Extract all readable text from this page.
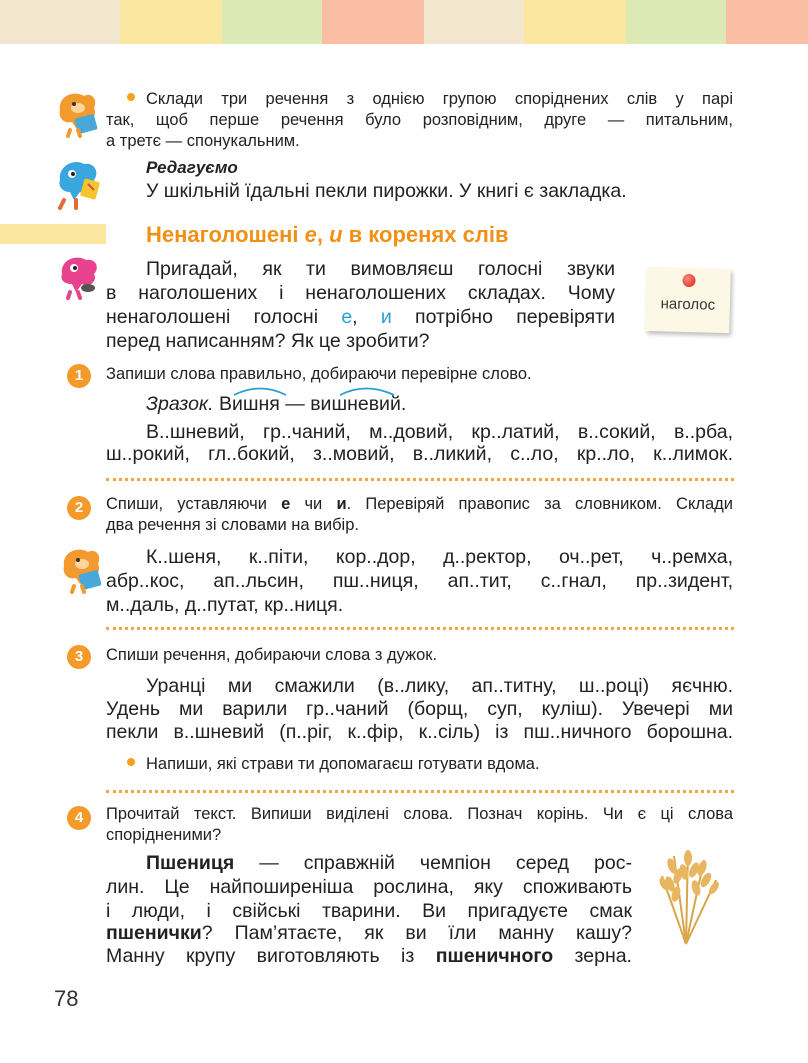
Склади три речення з однією групою споріднених слів у парі
так, щоб перше речення було розповідним, друге — питальним,
а третє — спонукальним.
Редагуємо
У шкільній їдальні пекли пирожки. У книгі є закладка.
Ненаголошені е, и в коренях слів
Пригадай, як ти вимовляєш голосні звуки
в наголошених і ненаголошених складах. Чому
ненаголошені голосні е, и потрібно перевіряти
перед написанням? Як це зробити?
наголос
1	Запиши слова правильно, добираючи перевірне слово.
Зразок. Вишня — вишневий.
В..шневий, гр..чаний, м..довий, кр..латий, в..сокий, в..рба,
ш..рокий, гл..бокий, з..мовий, в..ликий, с..ло, кр..ло, к..лимок.
2	Спиши, уставляючи е чи и. Перевіряй правопис за словником. Склади
два речення зі словами на вибір.
К..шеня, к..піти, кор..дор, д..ректор, оч..рет, ч..ремха,
абр..кос, ап..льсин, пш..ниця, ап..тит, с..гнал, пр..зидент,
м..даль, д..путат, кр..ниця.
3	Спиши речення, добираючи слова з дужок.
Уранці ми смажили (в..лику, ап..титну, ш..році) яєчню.
Удень ми варили гр..чаний (борщ, суп, куліш). Увечері ми
пекли в..шневий (п..ріг, к..фір, к..сіль) із пш..ничного борошна.
Напиши, які страви ти допомагаєш готувати вдома.
4	Прочитай текст. Випиши виділені слова. Познач корінь. Чи є ці слова
спорідненими?
Пшениця — справжній чемпіон серед рос-
лин. Це найпоширеніша рослина, яку споживають
і люди, і свійські тварини. Ви пригадуєте смак
пшенички? Пам’ятаєте, як ви їли манну кашу?
Манну крупу виготовляють із пшеничного зерна.
78
